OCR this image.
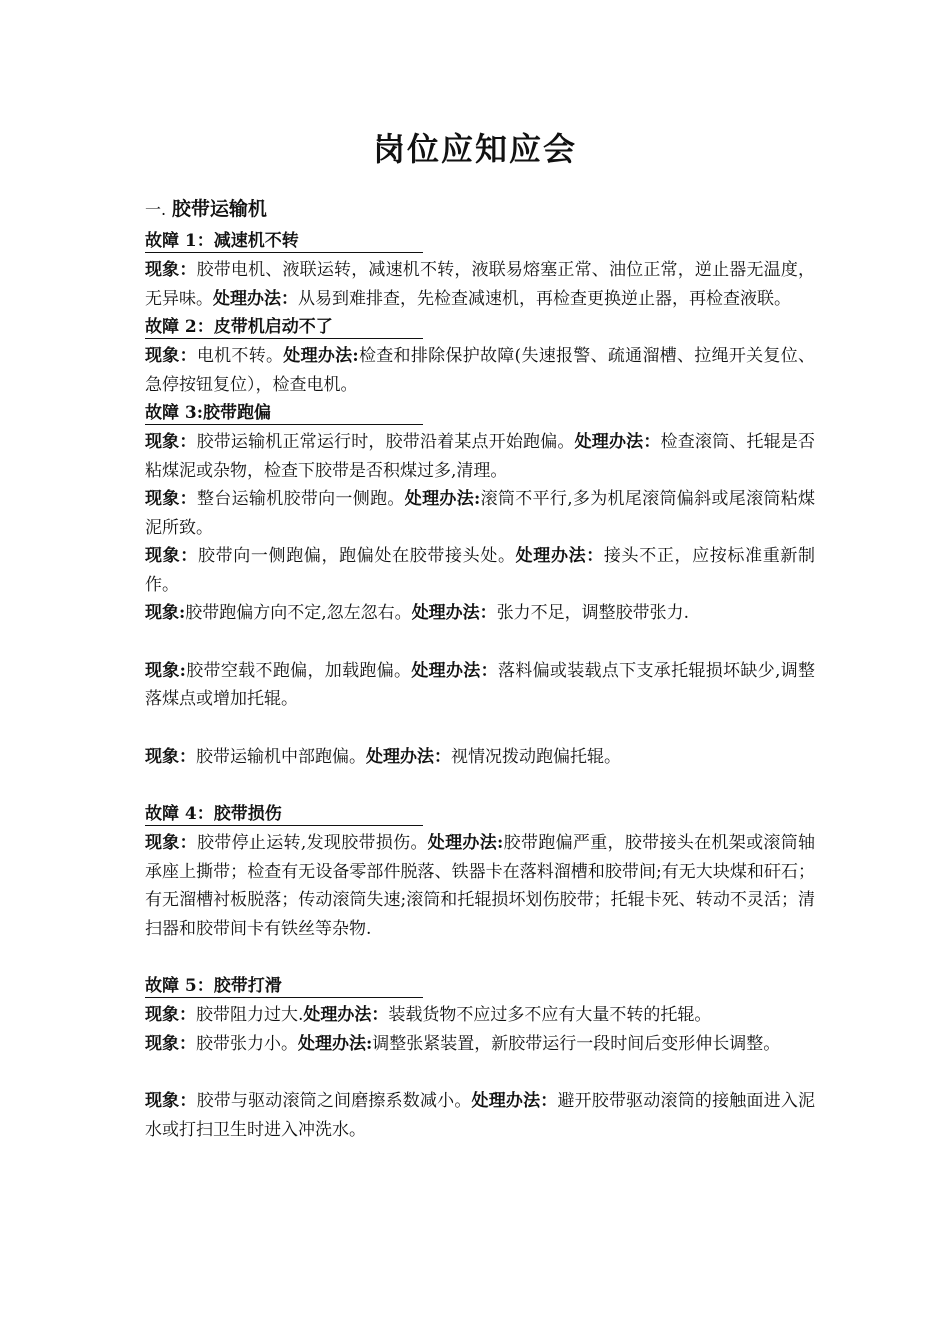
岗位应知应会
一. 胶带运输机
故障 1：减速机不转

现象：胶带电机、液联运转，减速机不转，液联易熔塞正常、油位正常，逆止器无温度，无异味。处理办法：从易到难排查，先检查减速机，再检查更换逆止器，再检查液联。

故障 2：皮带机启动不了

现象：电机不转。处理办法:检查和排除保护故障(失速报警、疏通溜槽、拉绳开关复位、急停按钮复位），检查电机。

故障 3:胶带跑偏

现象：胶带运输机正常运行时，胶带沿着某点开始跑偏。处理办法：检查滚筒、托辊是否粘煤泥或杂物，检查下胶带是否积煤过多,清理。

现象：整台运输机胶带向一侧跑。处理办法:滚筒不平行,多为机尾滚筒偏斜或尾滚筒粘煤泥所致。

现象：胶带向一侧跑偏，跑偏处在胶带接头处。处理办法：接头不正，应按标准重新制作。

现象:胶带跑偏方向不定,忽左忽右。处理办法：张力不足，调整胶带张力.

现象:胶带空载不跑偏，加载跑偏。处理办法：落料偏或装载点下支承托辊损坏缺少,调整落煤点或增加托辊。

现象：胶带运输机中部跑偏。处理办法：视情况拨动跑偏托辊。

故障 4：胶带损伤

现象：胶带停止运转,发现胶带损伤。处理办法:胶带跑偏严重，胶带接头在机架或滚筒轴承座上撕带；检查有无设备零部件脱落、铁器卡在落料溜槽和胶带间;有无大块煤和矸石；有无溜槽衬板脱落；传动滚筒失速;滚筒和托辊损坏划伤胶带；托辊卡死、转动不灵活；清扫器和胶带间卡有铁丝等杂物.

故障 5：胶带打滑

现象：胶带阻力过大.处理办法：装载货物不应过多不应有大量不转的托辊。

现象：胶带张力小。处理办法:调整张紧装置，新胶带运行一段时间后变形伸长调整。

现象：胶带与驱动滚筒之间磨擦系数减小。处理办法：避开胶带驱动滚筒的接触面进入泥水或打扫卫生时进入冲洗水。
